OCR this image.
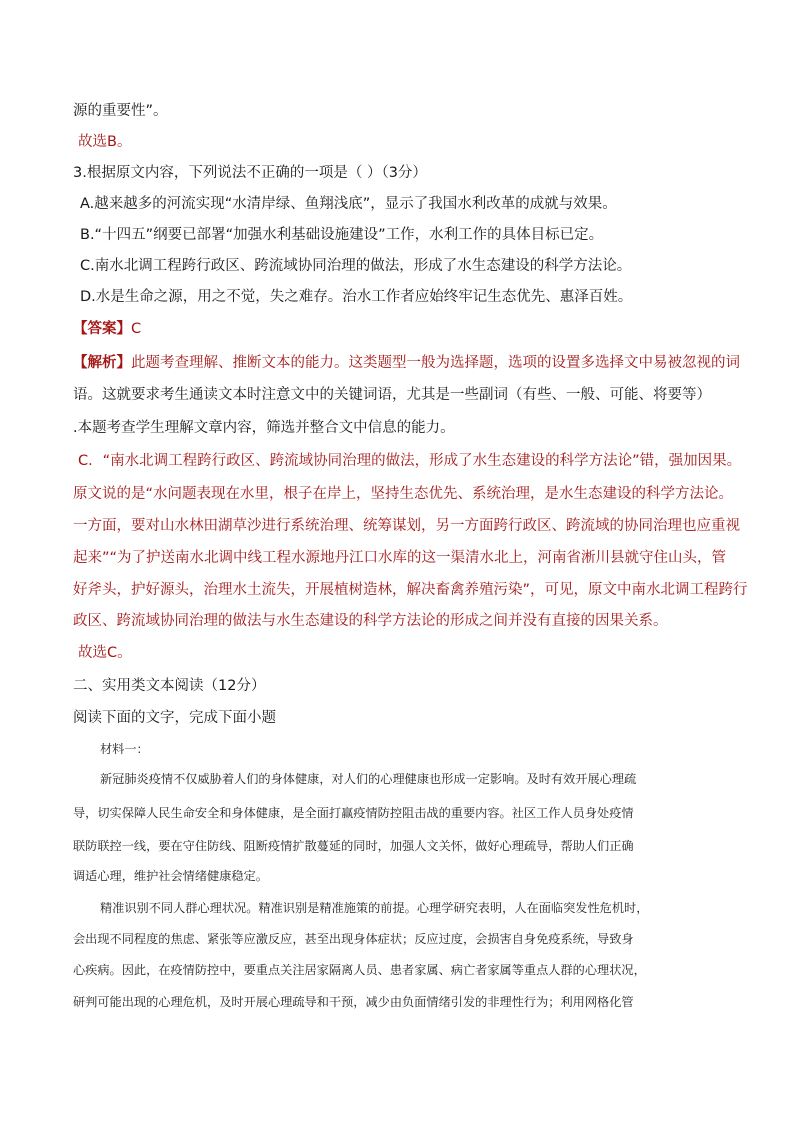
源的重要性”。
故选B。
3.根据原文内容，下列说法不正确的一项是（ ）（3分）
A.越来越多的河流实现“水清岸绿、鱼翔浅底”，显示了我国水利改革的成就与效果。
B.“十四五”纲要已部署“加强水利基础设施建设”工作，水利工作的具体目标已定。
C.南水北调工程跨行政区、跨流域协同治理的做法，形成了水生态建设的科学方法论。
D.水是生命之源，用之不觉，失之难存。治水工作者应始终牢记生态优先、惠泽百姓。
【答案】C
【解析】此题考查理解、推断文本的能力。这类题型一般为选择题，选项的设置多选择文中易被忽视的词
语。这就要求考生通读文本时注意文中的关键词语，尤其是一些副词（有些、一般、可能、将要等）
.本题考查学生理解文章内容，筛选并整合文中信息的能力。
C．“南水北调工程跨行政区、跨流域协同治理的做法，形成了水生态建设的科学方法论”错，强加因果。
原文说的是“水问题表现在水里，根子在岸上，坚持生态优先、系统治理，是水生态建设的科学方法论。
一方面，要对山水林田湖草沙进行系统治理、统筹谋划，另一方面跨行政区、跨流域的协同治理也应重视
起来”“为了护送南水北调中线工程水源地丹江口水库的这一渠清水北上，河南省淅川县就守住山头，管
好斧头，护好源头，治理水土流失，开展植树造林，解决畜禽养殖污染”，可见，原文中南水北调工程跨行
政区、跨流域协同治理的做法与水生态建设的科学方法论的形成之间并没有直接的因果关系。
故选C。
二、实用类文本阅读（12分）
阅读下面的文字，完成下面小题
材料一：
新冠肺炎疫情不仅威胁着人们的身体健康，对人们的心理健康也形成一定影响。及时有效开展心理疏
导，切实保障人民生命安全和身体健康，是全面打赢疫情防控阻击战的重要内容。社区工作人员身处疫情
联防联控一线，要在守住防线、阻断疫情扩散蔓延的同时，加强人文关怀，做好心理疏导，帮助人们正确
调适心理，维护社会情绪健康稳定。
精准识别不同人群心理状况。精准识别是精准施策的前提。心理学研究表明，人在面临突发性危机时，
会出现不同程度的焦虑、紧张等应激反应，甚至出现身体症状；反应过度，会损害自身免疫系统，导致身
心疾病。因此，在疫情防控中，要重点关注居家隔离人员、患者家属、病亡者家属等重点人群的心理状况，
研判可能出现的心理危机，及时开展心理疏导和干预，减少由负面情绪引发的非理性行为；利用网格化管
